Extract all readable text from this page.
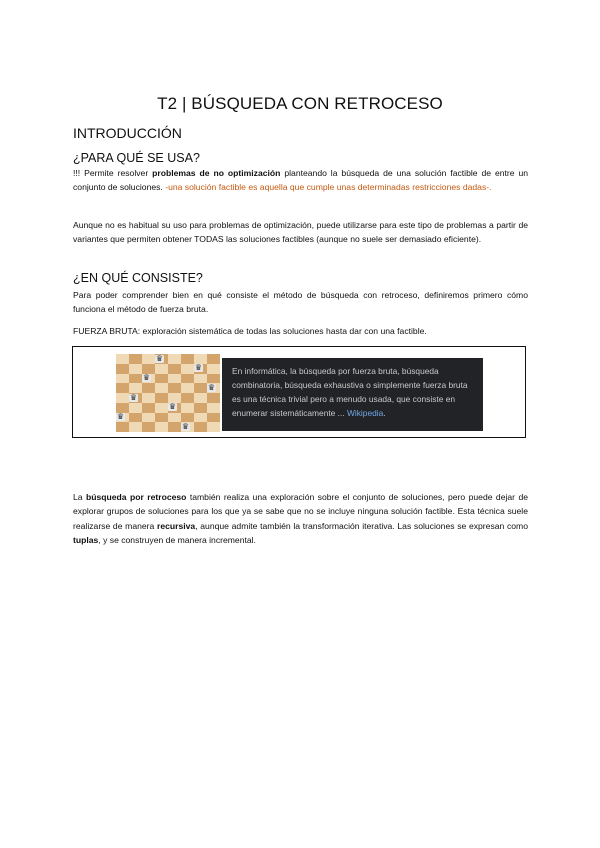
T2 | BÚSQUEDA CON RETROCESO
INTRODUCCIÓN
¿PARA QUÉ SE USA?
!!! Permite resolver problemas de no optimización planteando la búsqueda de una solución factible de entre un conjunto de soluciones. -una solución factible es aquella que cumple unas determinadas restricciones dadas-.
Aunque no es habitual su uso para problemas de optimización, puede utilizarse para este tipo de problemas a partir de variantes que permiten obtener TODAS las soluciones factibles (aunque no suele ser demasiado eficiente).
¿EN QUÉ CONSISTE?
Para poder comprender bien en qué consiste el método de búsqueda con retroceso, definiremos primero cómo funciona el método de fuerza bruta.
FUERZA BRUTA: exploración sistemática de todas las soluciones hasta dar con una factible.
♛
♛
♛
♛
♛
♛
♛
♛
En informática, la búsqueda por fuerza bruta, búsqueda combinatoria, búsqueda exhaustiva o simplemente fuerza bruta es una técnica trivial pero a menudo usada, que consiste en enumerar sistemáticamente ... Wikipedia.
La búsqueda por retroceso también realiza una exploración sobre el conjunto de soluciones, pero puede dejar de explorar grupos de soluciones para los que ya se sabe que no se incluye ninguna solución factible. Esta técnica suele realizarse de manera recursiva, aunque admite también la transformación iterativa. Las soluciones se expresan como tuplas, y se construyen de manera incremental.
